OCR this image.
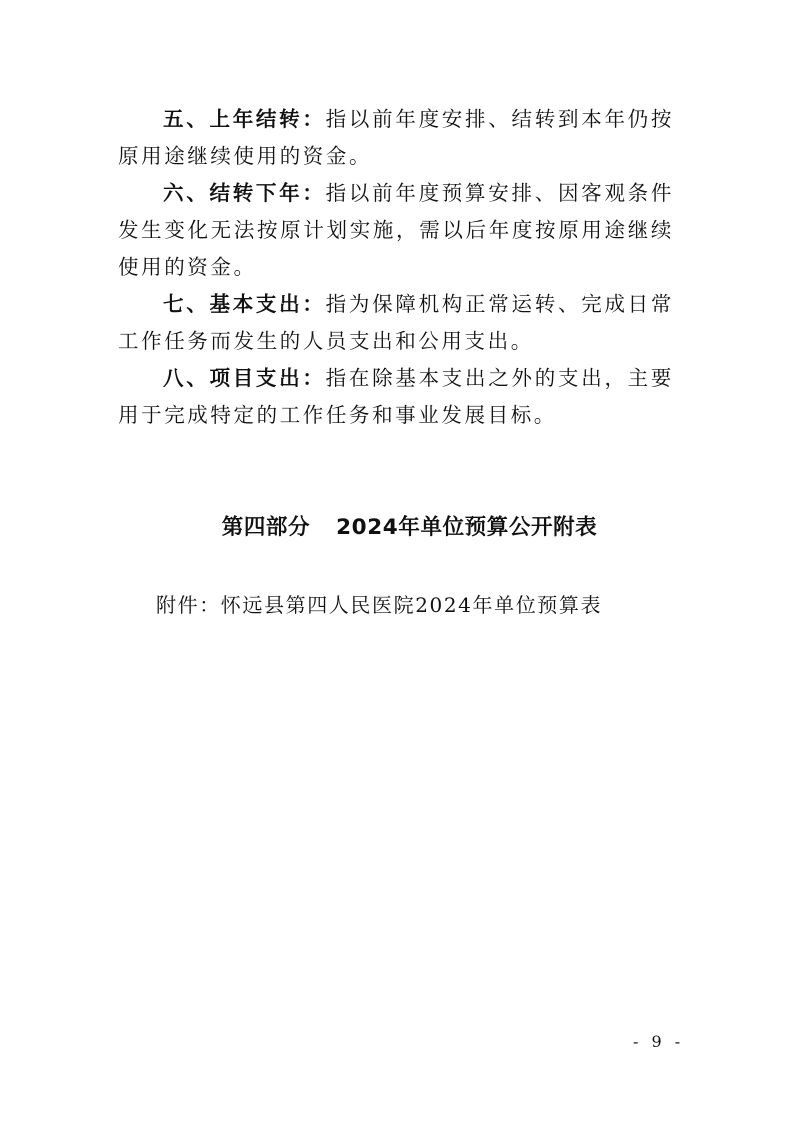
五、上年结转：指以前年度安排、结转到本年仍按原用途继续使用的资金。

六、结转下年：指以前年度预算安排、因客观条件发生变化无法按原计划实施，需以后年度按原用途继续使用的资金。

七、基本支出：指为保障机构正常运转、完成日常工作任务而发生的人员支出和公用支出。

八、项目支出：指在除基本支出之外的支出，主要用于完成特定的工作任务和事业发展目标。

第四部分 2024年单位预算公开附表

附件：怀远县第四人民医院2024年单位预算表

- 9 -
